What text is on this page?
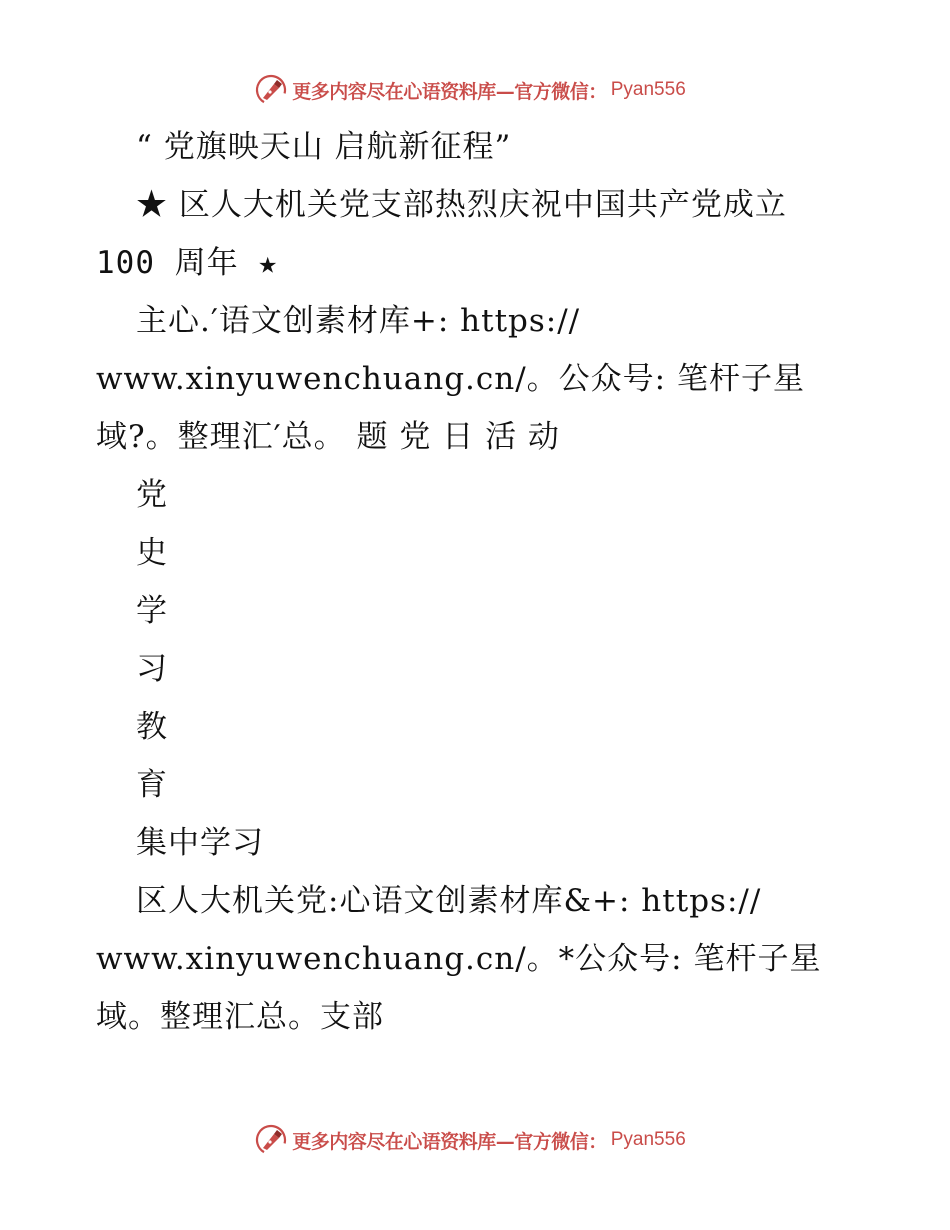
更多内容尽在心语资料库—官方微信： Pyan556
“ 党旗映天山 启航新征程”
★ 区人大机关党支部热烈庆祝中国共产党成立
100 周年 ★
主心.′语文创素材库+: https://
www.xinyuwenchuang.cn/。公众号: 笔杆子星
域?。整理汇′总。 题 党 日 活 动
党
史
学
习
教
育
集中学习
区人大机关党:心语文创素材库&+: https://
www.xinyuwenchuang.cn/。*公众号: 笔杆子星
域。整理汇总。支部
更多内容尽在心语资料库—官方微信： Pyan556
